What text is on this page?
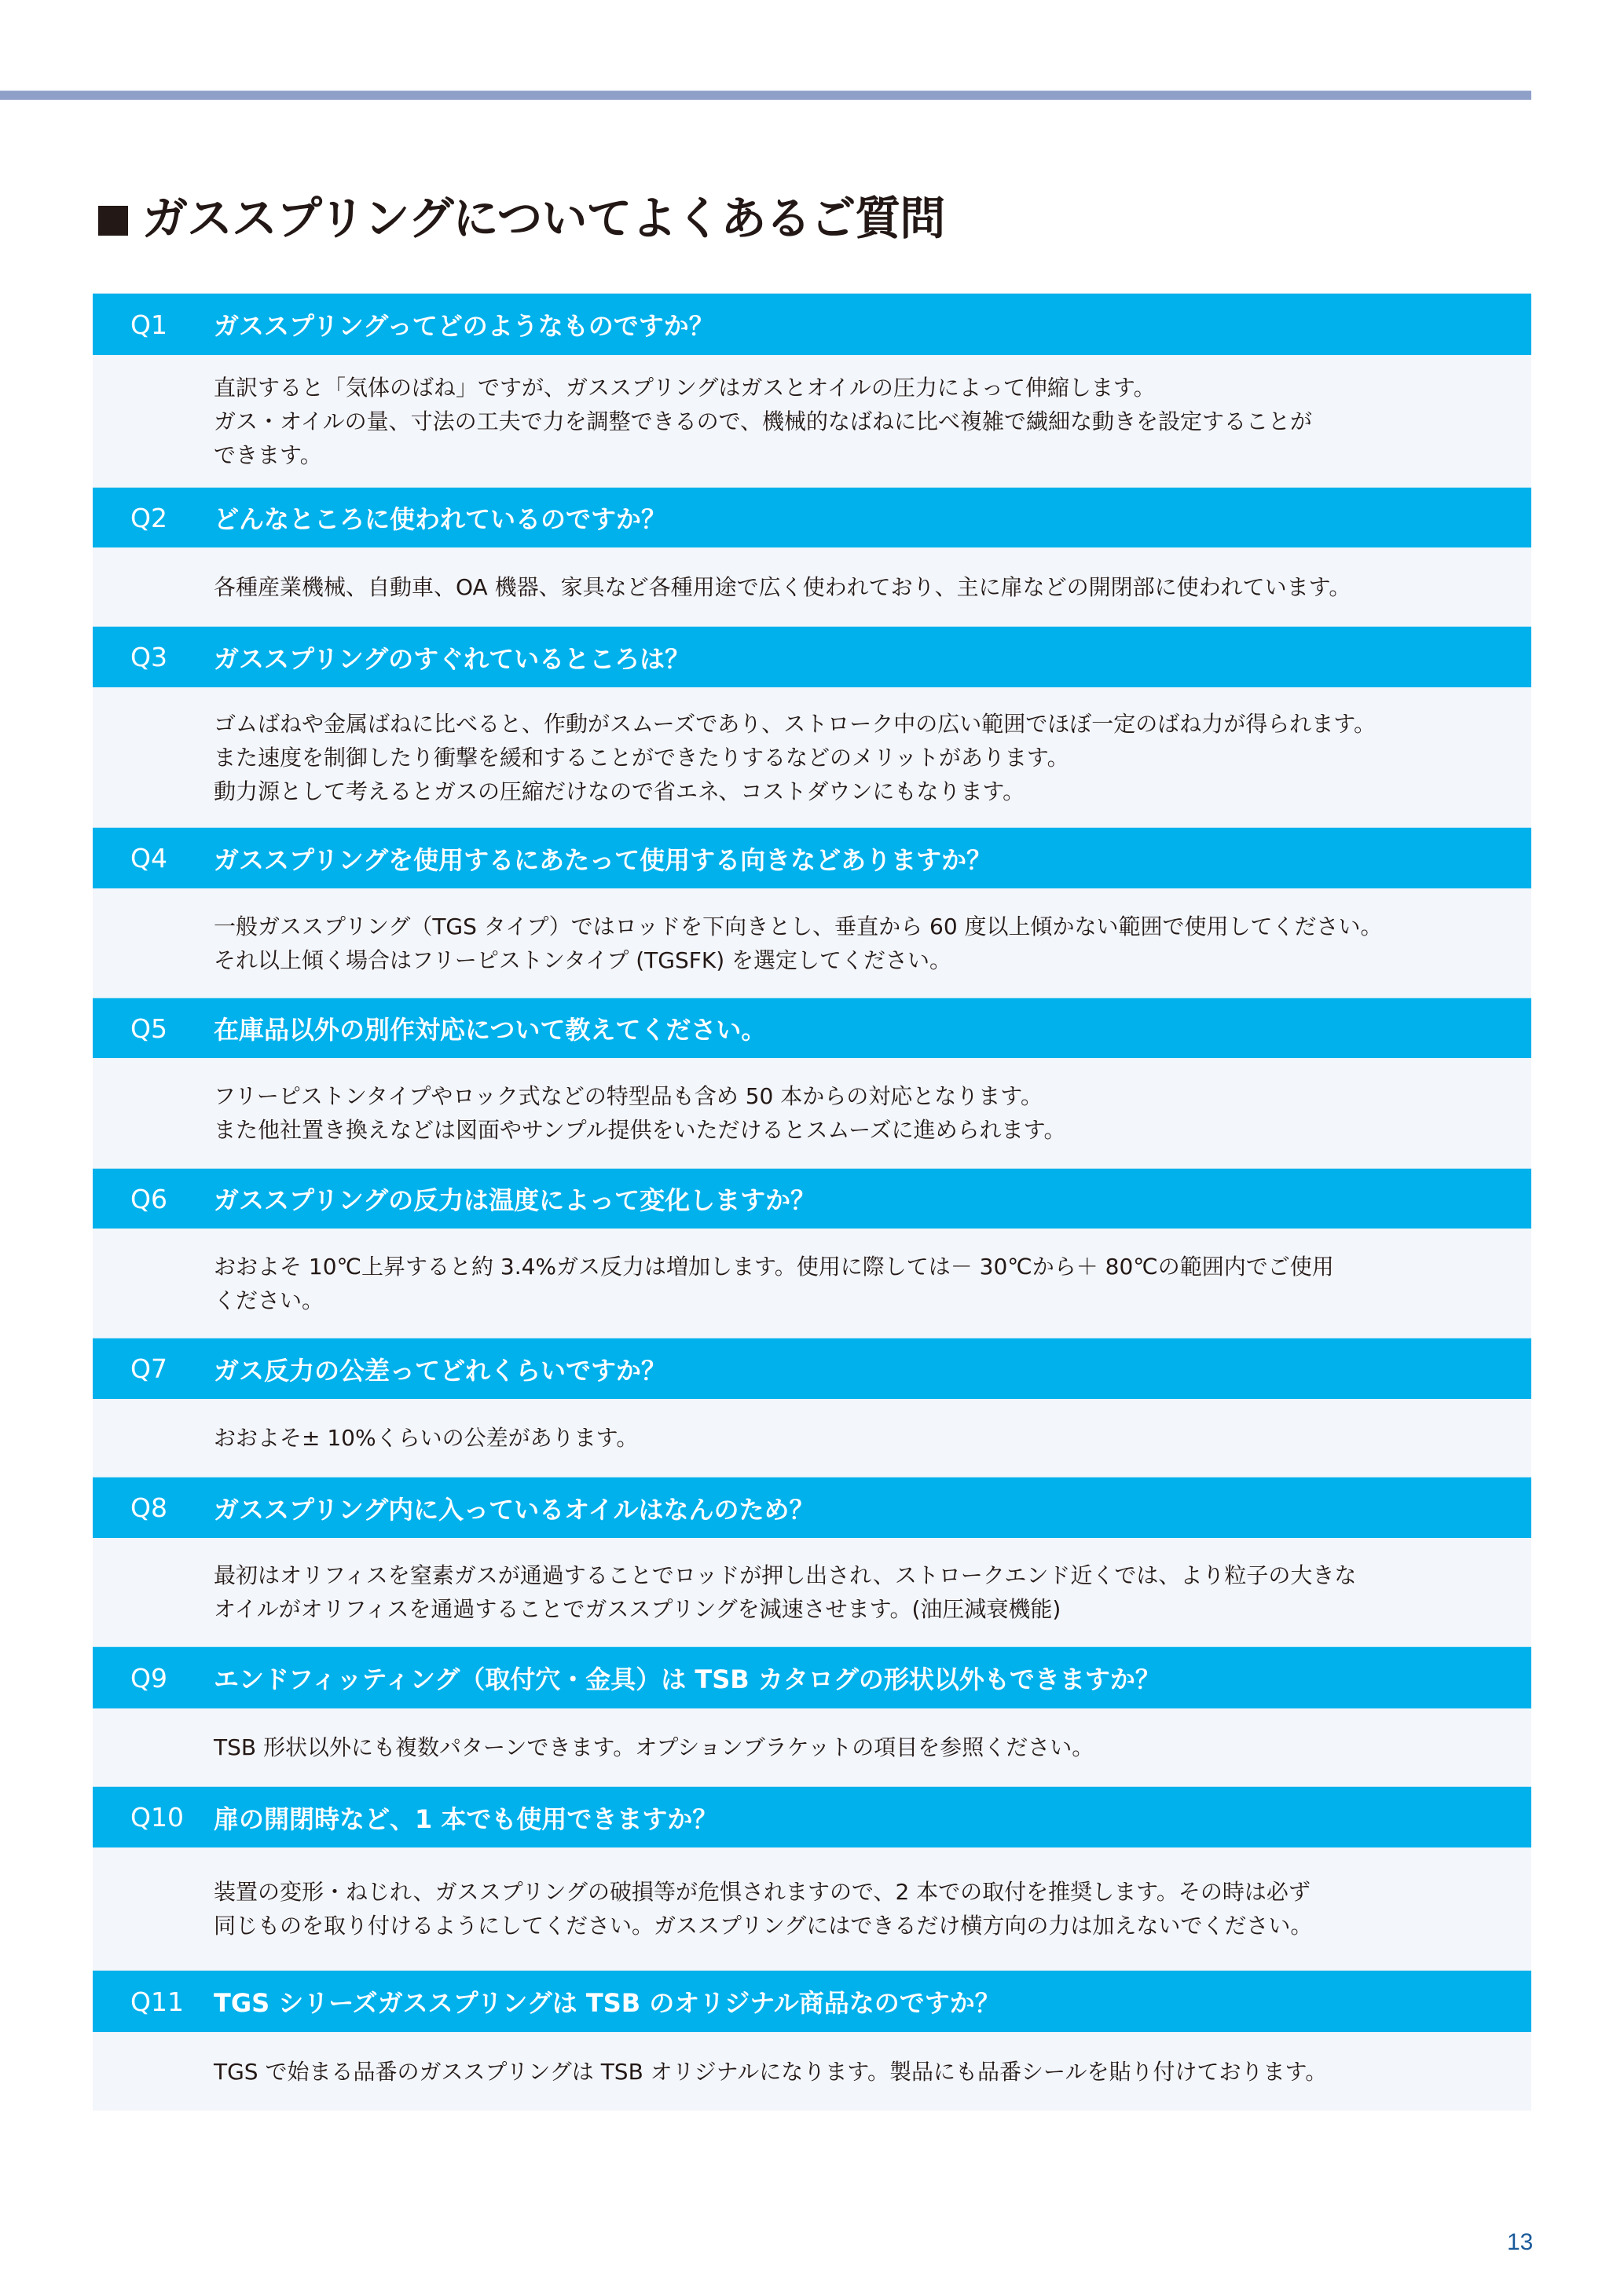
ガススプリングについてよくあるご質問
Q1 ガススプリングってどのようなものですか？
直訳すると「気体のばね」ですが、ガススプリングはガスとオイルの圧力によって伸縮します。
ガス・オイルの量、寸法の工夫で力を調整できるので、機械的なばねに比べ複雑で繊細な動きを設定することが
できます。
Q2 どんなところに使われているのですか？
各種産業機械、自動車、OA 機器、家具など各種用途で広く使われており、主に扉などの開閉部に使われています。
Q3 ガススプリングのすぐれているところは？
ゴムばねや金属ばねに比べると、作動がスムーズであり、ストローク中の広い範囲でほぼ一定のばね力が得られます。
また速度を制御したり衝撃を緩和することができたりするなどのメリットがあります。
動力源として考えるとガスの圧縮だけなので省エネ、コストダウンにもなります。
Q4 ガススプリングを使用するにあたって使用する向きなどありますか？
一般ガススプリング（TGS タイプ）ではロッドを下向きとし、垂直から 60 度以上傾かない範囲で使用してください。
それ以上傾く場合はフリーピストンタイプ (TGSFK) を選定してください。
Q5 在庫品以外の別作対応について教えてください。
フリーピストンタイプやロック式などの特型品も含め 50 本からの対応となります。
また他社置き換えなどは図面やサンプル提供をいただけるとスムーズに進められます。
Q6 ガススプリングの反力は温度によって変化しますか？
おおよそ 10℃上昇すると約 3.4%ガス反力は増加します。使用に際しては－ 30℃から＋ 80℃の範囲内でご使用
ください。
Q7 ガス反力の公差ってどれくらいですか？
おおよそ± 10%くらいの公差があります。
Q8 ガススプリング内に入っているオイルはなんのため？
最初はオリフィスを窒素ガスが通過することでロッドが押し出され、ストロークエンド近くでは、より粒子の大きな
オイルがオリフィスを通過することでガススプリングを減速させます。(油圧減衰機能)
Q9 エンドフィッティング（取付穴・金具）は TSB カタログの形状以外もできますか？
TSB 形状以外にも複数パターンできます。オプションブラケットの項目を参照ください。
Q10 扉の開閉時など、1 本でも使用できますか？
装置の変形・ねじれ、ガススプリングの破損等が危惧されますので、2 本での取付を推奨します。その時は必ず
同じものを取り付けるようにしてください。ガススプリングにはできるだけ横方向の力は加えないでください。
Q11 TGS シリーズガススプリングは TSB のオリジナル商品なのですか？
TGS で始まる品番のガススプリングは TSB オリジナルになります。製品にも品番シールを貼り付けております。
13
